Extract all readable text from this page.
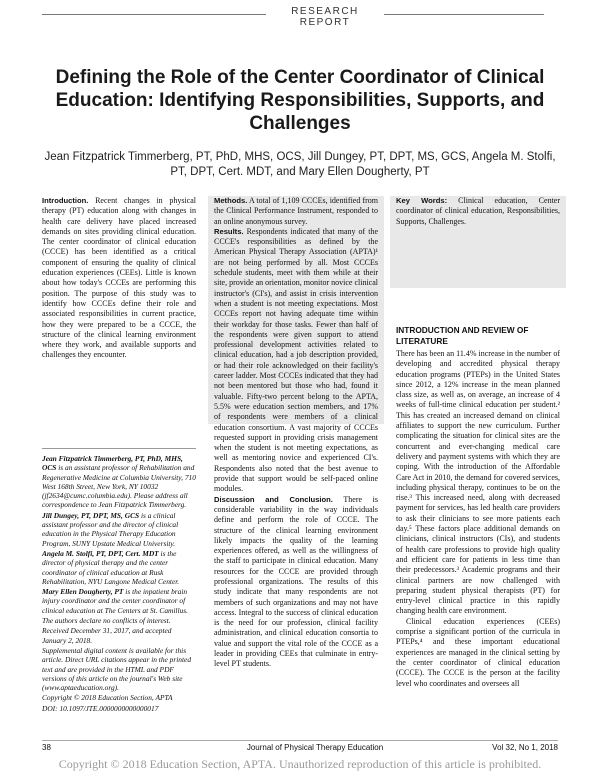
RESEARCH REPORT
Defining the Role of the Center Coordinator of Clinical Education: Identifying Responsibilities, Supports, and Challenges
Jean Fitzpatrick Timmerberg, PT, PhD, MHS, OCS, Jill Dungey, PT, DPT, MS, GCS, Angela M. Stolfi, PT, DPT, Cert. MDT, and Mary Ellen Dougherty, PT

Introduction. Recent changes in physical therapy (PT) education along with changes in health care delivery have placed increased demands on sites providing clinical education. The center coordinator of clinical education (CCCE) has been identified as a critical component of ensuring the quality of clinical education experiences (CEEs). Little is known about how today's CCCEs are performing this position. The purpose of this study was to identify how CCCEs define their role and associated responsibilities in current practice, how they were prepared to be a CCCE, the structure of the clinical learning environment where they work, and available supports and challenges they encounter.

Methods. A total of 1,109 CCCEs, identified from the Clinical Performance Instrument, responded to an online anonymous survey.

Results. Respondents indicated that many of the CCCE's responsibilities as defined by the American Physical Therapy Association (APTA)¹ are not being performed by all. Most CCCEs schedule students, meet with them while at their site, provide an orientation, monitor novice clinical instructor's (CI's), and assist in crisis intervention when a student is not meeting expectations. Most CCCEs report not having adequate time within their workday for those tasks. Fewer than half of the respondents were given support to attend professional development activities related to clinical education, had a job description provided, or had their role acknowledged on their facility's career ladder. Most CCCEs indicated that they had not been mentored but those who had, found it valuable. Fifty-two percent belong to the APTA, 5.5% were education section members, and 17% of respondents were members of a clinical education consortium. A vast majority of CCCEs requested support in providing crisis management when the student is not meeting expectations, as well as mentoring novice and experienced CI's. Respondents also noted that the best avenue to provide that support would be self-paced online modules.

Discussion and Conclusion. There is considerable variability in the way individuals define and perform the role of CCCE. The structure of the clinical learning environment likely impacts the quality of the learning experiences offered, as well as the willingness of the staff to participate in clinical education. Many resources for the CCCE are provided through professional organizations. The results of this study indicate that many respondents are not members of such organizations and may not have access. Integral to the success of clinical education is the need for our profession, clinical facility administration, and clinical education consortia to value and support the vital role of the CCCE as a leader in providing CEEs that culminate in entry-level PT students.

Key Words: Clinical education, Center coordinator of clinical education, Responsibilities, Supports, Challenges.

Jean Fitzpatrick Timmerberg, PT, PhD, MHS, OCS is an assistant professor of Rehabilitation and Regenerative Medicine at Columbia University, 710 West 168th Street, New York, NY 10032 (jf2634@cumc.columbia.edu). Please address all correspondence to Jean Fitzpatrick Timmerberg.
Jill Dungey, PT, DPT, MS, GCS is a clinical assistant professor and the director of clinical education in the Physical Therapy Education Program, SUNY Upstate Medical University.
Angela M. Stolfi, PT, DPT, Cert. MDT is the director of physical therapy and the center coordinator of clinical education at Rusk Rehabilitation, NYU Langone Medical Center.
Mary Ellen Dougherty, PT is the inpatient brain injury coordinator and the center coordinator of clinical education at The Centers at St. Camillus.
The authors declare no conflicts of interest.
Received December 31, 2017, and accepted January 2, 2018.
Supplemental digital content is available for this article. Direct URL citations appear in the printed text and are provided in the HTML and PDF versions of this article on the journal's Web site (www.aptaeducation.org).
Copyright © 2018 Education Section, APTA
DOI: 10.1097/JTE.0000000000000017
INTRODUCTION AND REVIEW OF LITERATURE

There has been an 11.4% increase in the number of developing and accredited physical therapy education programs (PTEPs) in the United States since 2012, a 12% increase in the mean planned class size, as well as, on average, an increase of 4 weeks of full-time clinical education per student.² This has created an increased demand on clinical affiliates to support the new curriculum. Further complicating the situation for clinical sites are the concurrent and ever-changing medical care delivery and payment systems with which they are coping. With the introduction of the Affordable Care Act in 2010, the demand for covered services, including physical therapy, continues to be on the rise.³ This increased need, along with decreased payment for services, has led health care providers to ask their clinicians to see more patients each day.⁵ These factors place additional demands on clinicians, clinical instructors (CIs), and students of health care professions to provide high quality and efficient care for patients in less time than their predecessors.³ Academic programs and their clinical partners are now challenged with preparing student physical therapists (PT) for entry-level clinical practice in this rapidly changing health care environment.

Clinical education experiences (CEEs) comprise a significant portion of the curricula in PTEPs,⁴ and these important educational experiences are managed in the clinical setting by the center coordinator of clinical education (CCCE). The CCCE is the person at the facility level who coordinates and oversees all

38	Journal of Physical Therapy Education	Vol 32, No 1, 2018
Copyright © 2018 Education Section, APTA. Unauthorized reproduction of this article is prohibited.
